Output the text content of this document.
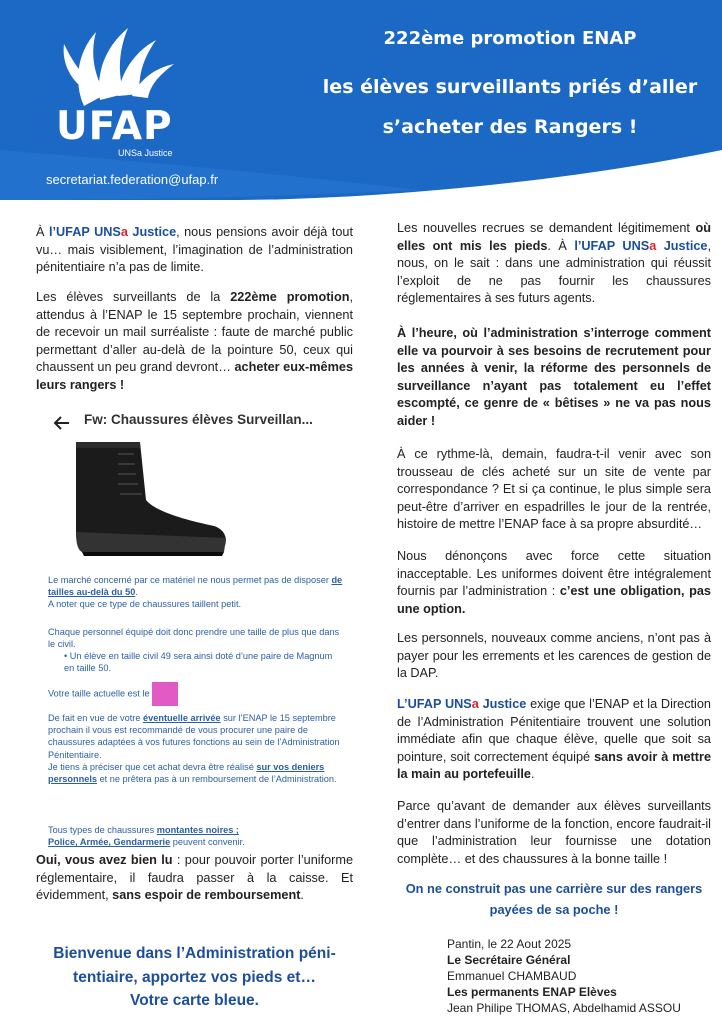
UFAP
UNSa Justice
secretariat.federation@ufap.fr
222ème promotion ENAP
les élèves surveillants priés d’aller
s’acheter des Rangers !
À l’UFAP UNSa Justice, nous pensions avoir déjà tout vu… mais visiblement, l’imagination de l’administration pénitentiaire n’a pas de limite.
Les élèves surveillants de la 222ème promotion, attendus à l’ENAP le 15 septembre prochain, viennent de recevoir un mail surréaliste : faute de marché public permettant d’aller au-delà de la pointure 50, ceux qui chaussent un peu grand devront… acheter eux-mêmes leurs rangers !
Fw: Chaussures élèves Surveillan...
Le marché concerné par ce matériel ne nous permet pas de disposer de tailles au-delà du 50.
A noter que ce type de chaussures taillent petit.
Chaque personnel équipé doit donc prendre une taille de plus que dans le civil.
• Un élève en taille civil 49 sera ainsi doté d’une paire de Magnum en taille 50.
Votre taille actuelle est le
De fait en vue de votre éventuelle arrivée sur l’ENAP le 15 septembre prochain il vous est recommandé de vous procurer une paire de chaussures adaptées à vos futures fonctions au sein de l’Administration Pénitentiaire.
Je tiens à préciser que cet achat devra être réalisé sur vos deniers personnels et ne prêtera pas à un remboursement de l’Administration.
Tous types de chaussures montantes noires ;
Police, Armée, Gendarmerie peuvent convenir.
Oui, vous avez bien lu : pour pouvoir porter l’uniforme réglementaire, il faudra passer à la caisse. Et évidemment, sans espoir de remboursement.
Bienvenue dans l’Administration péni-
tentiaire, apportez vos pieds et…
Votre carte bleue.
Les nouvelles recrues se demandent légitimement où elles ont mis les pieds. À l’UFAP UNSa Justice, nous, on le sait : dans une administration qui réussit l’exploit de ne pas fournir les chaussures réglementaires à ses futurs agents.
À l’heure, où l’administration s’interroge comment elle va pourvoir à ses besoins de recrutement pour les années à venir, la réforme des personnels de surveillance n’ayant pas totalement eu l’effet escompté, ce genre de « bêtises » ne va pas nous aider !
À ce rythme-là, demain, faudra-t-il venir avec son trousseau de clés acheté sur un site de vente par correspondance ? Et si ça continue, le plus simple sera peut-être d’arriver en espadrilles le jour de la rentrée, histoire de mettre l’ENAP face à sa propre absurdité…
Nous dénonçons avec force cette situation inacceptable. Les uniformes doivent être intégralement fournis par l’administration : c’est une obligation, pas une option.
Les personnels, nouveaux comme anciens, n’ont pas à payer pour les errements et les carences de gestion de la DAP.
L’UFAP UNSa Justice exige que l’ENAP et la Direction de l’Administration Pénitentiaire trouvent une solution immédiate afin que chaque élève, quelle que soit sa pointure, soit correctement équipé sans avoir à mettre la main au portefeuille.
Parce qu’avant de demander aux élèves surveillants d’entrer dans l’uniforme de la fonction, encore faudrait-il que l’administration leur fournisse une dotation complète… et des chaussures à la bonne taille !
On ne construit pas une carrière sur des rangers
payées de sa poche !
Pantin, le 22 Aout 2025
Le Secrétaire Général
Emmanuel CHAMBAUD
Les permanents ENAP Elèves
Jean Philipe THOMAS, Abdelhamid ASSOU
